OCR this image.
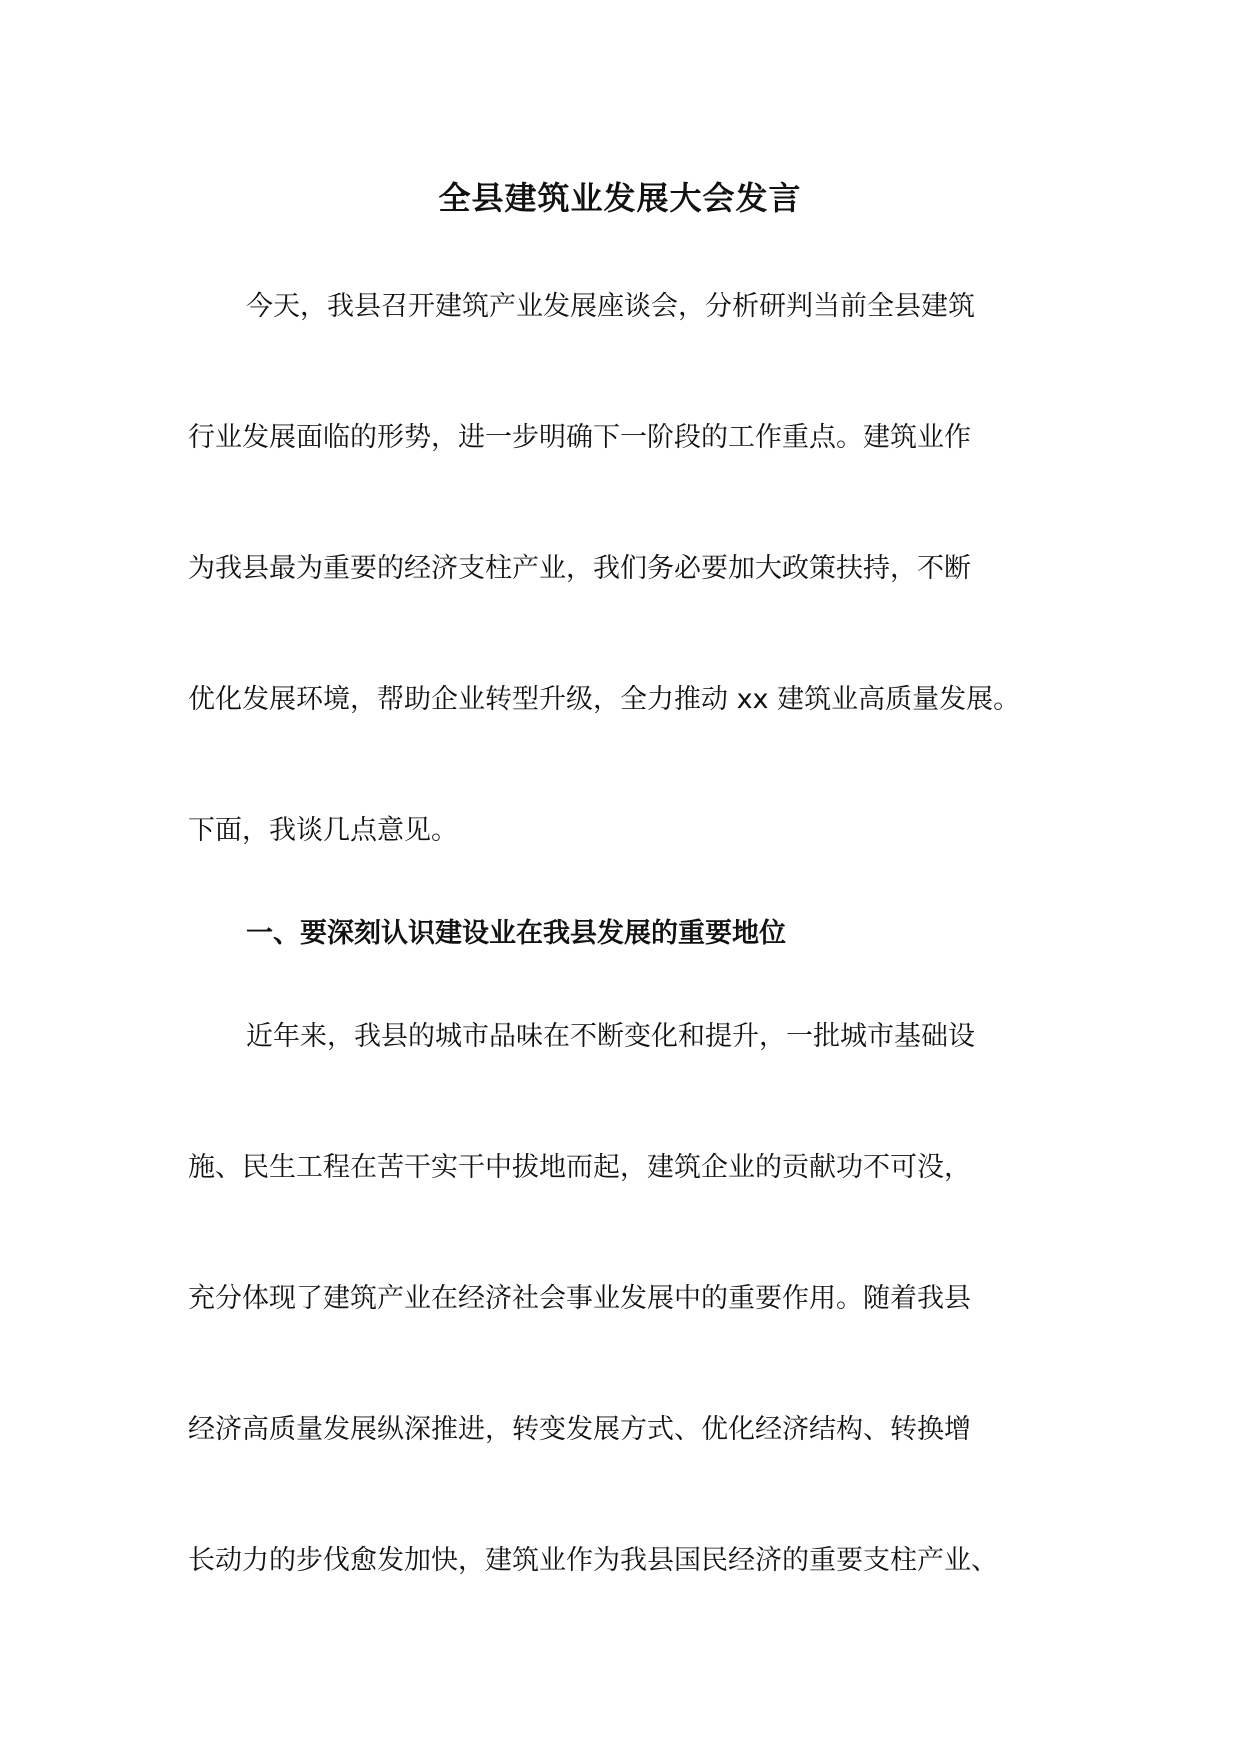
全县建筑业发展大会发言
今天，我县召开建筑产业发展座谈会，分析研判当前全县建筑
行业发展面临的形势，进一步明确下一阶段的工作重点。建筑业作
为我县最为重要的经济支柱产业，我们务必要加大政策扶持，不断
优化发展环境，帮助企业转型升级，全力推动 xx 建筑业高质量发展。
下面，我谈几点意见。
一、要深刻认识建设业在我县发展的重要地位
近年来，我县的城市品味在不断变化和提升，一批城市基础设
施、民生工程在苦干实干中拔地而起，建筑企业的贡献功不可没，
充分体现了建筑产业在经济社会事业发展中的重要作用。随着我县
经济高质量发展纵深推进，转变发展方式、优化经济结构、转换增
长动力的步伐愈发加快，建筑业作为我县国民经济的重要支柱产业、
